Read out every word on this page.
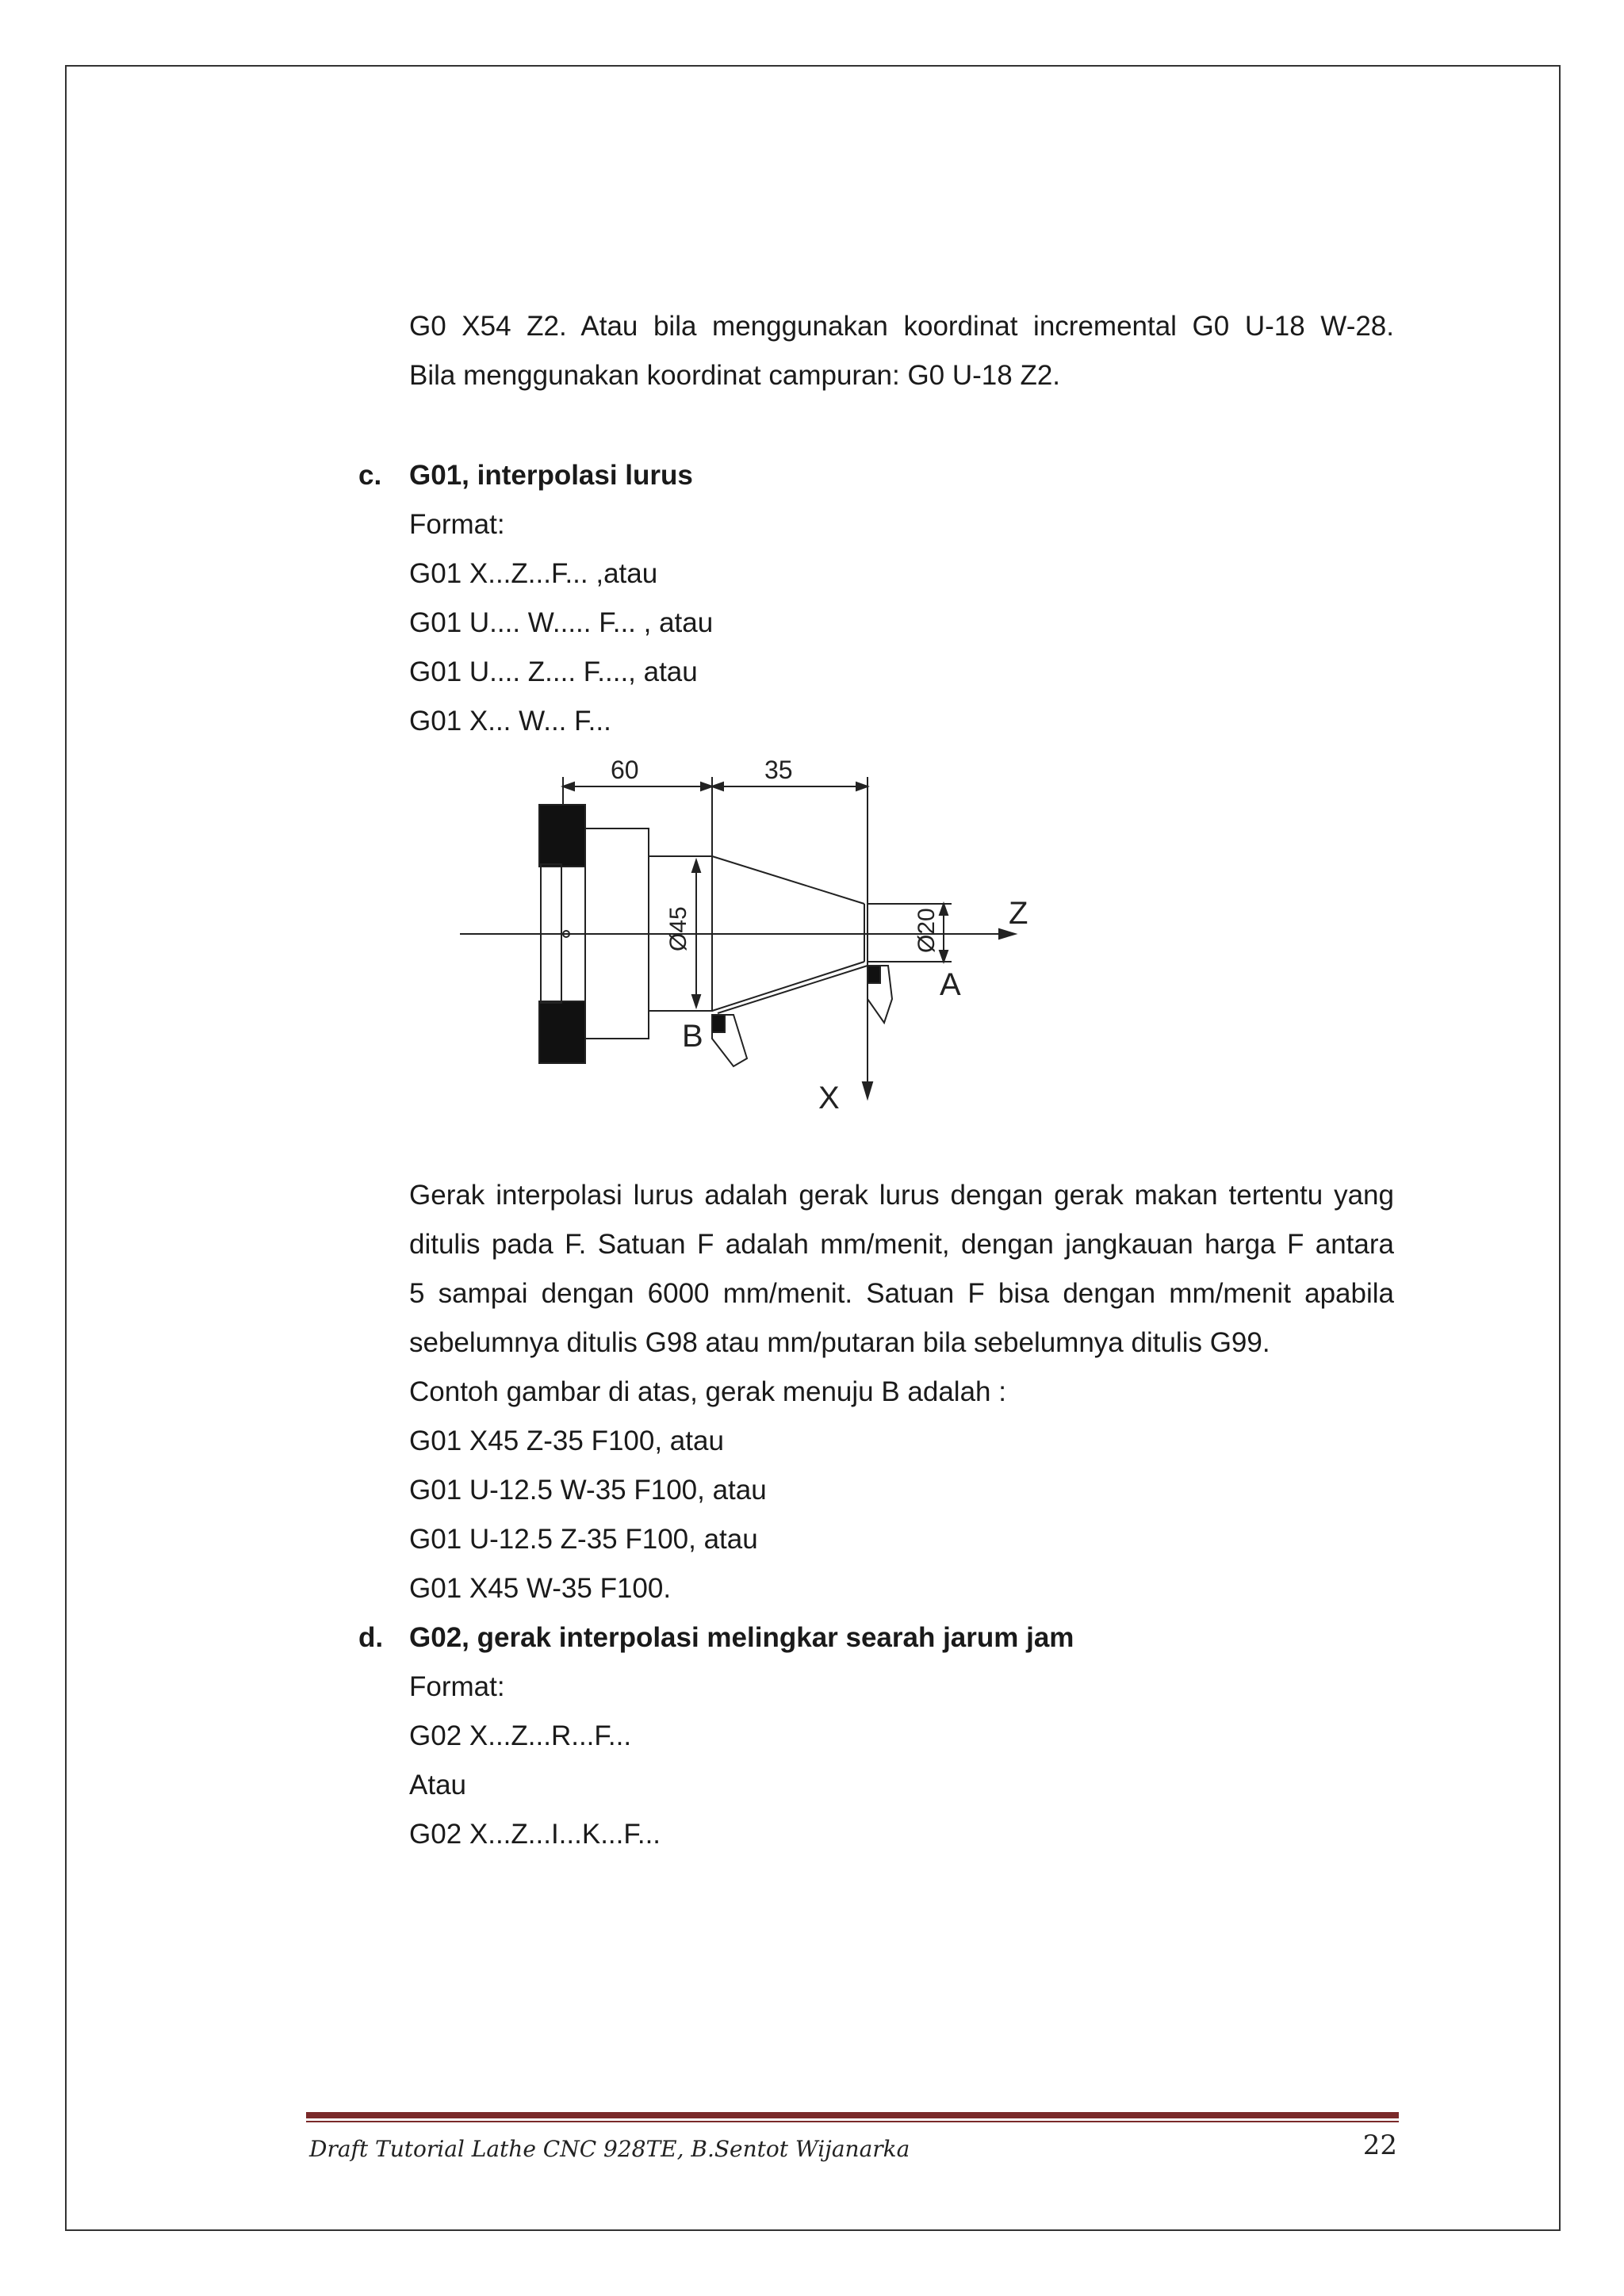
G0 X54 Z2. Atau bila menggunakan koordinat incremental G0 U-18 W-28.
Bila menggunakan koordinat campuran: G0 U-18 Z2.
c. G01, interpolasi lurus
Format:
G01 X...Z...F... ,atau
G01 U.... W..... F... , atau
G01 U.... Z.... F...., atau
G01 X... W... F...
60	35
Ø45	Ø20 Z
X
A
B
Gerak interpolasi lurus adalah gerak lurus dengan gerak makan tertentu yang
ditulis pada F. Satuan F adalah mm/menit, dengan jangkauan harga F antara
5 sampai dengan 6000 mm/menit. Satuan F bisa dengan mm/menit apabila
sebelumnya ditulis G98 atau mm/putaran bila sebelumnya ditulis G99.
Contoh gambar di atas, gerak menuju B adalah :
G01 X45 Z-35 F100, atau
G01 U-12.5 W-35 F100, atau
G01 U-12.5 Z-35 F100, atau
G01 X45 W-35 F100.
d. G02, gerak interpolasi melingkar searah jarum jam
Format:
G02 X...Z...R...F...
Atau
G02 X...Z...I...K...F...
Draft Tutorial Lathe CNC 928TE, B.Sentot Wijanarka	22
